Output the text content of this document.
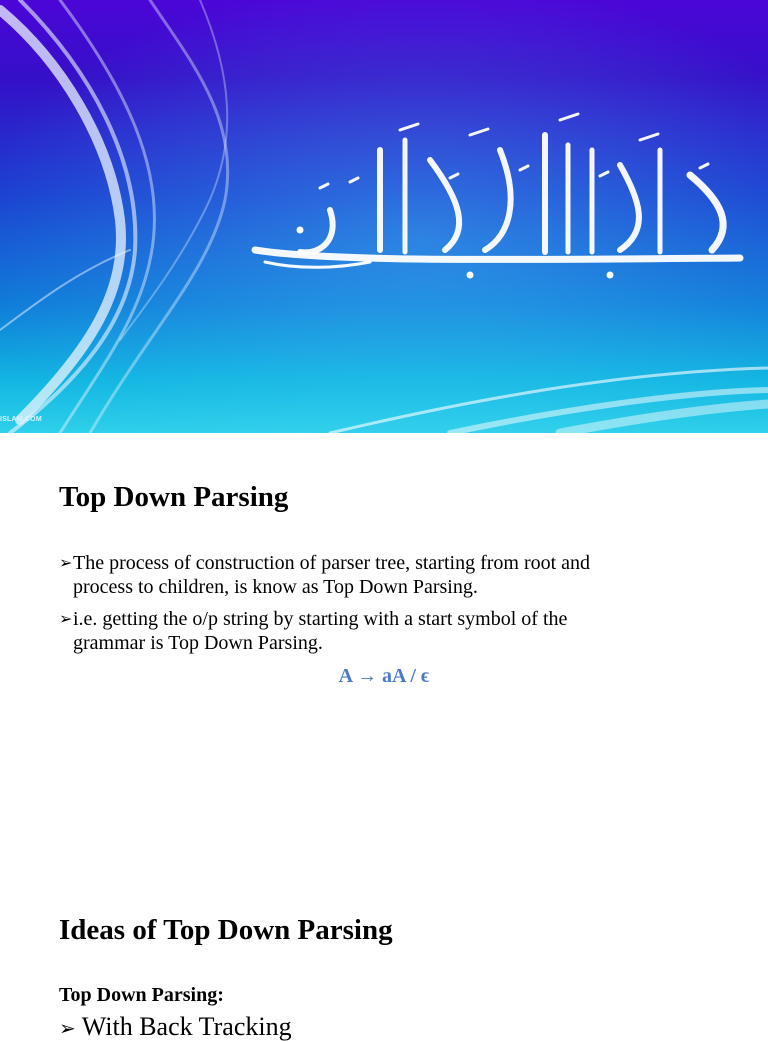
ISLAM.COM
Top Down Parsing
➢ The process of construction of parser tree, starting from root and
process to children, is know as Top Down Parsing.
➢ i.e. getting the o/p string by starting with a start symbol of the
grammar is Top Down Parsing.
A → aA / ϵ
Ideas of Top Down Parsing
Top Down Parsing:
➢ With Back Tracking
